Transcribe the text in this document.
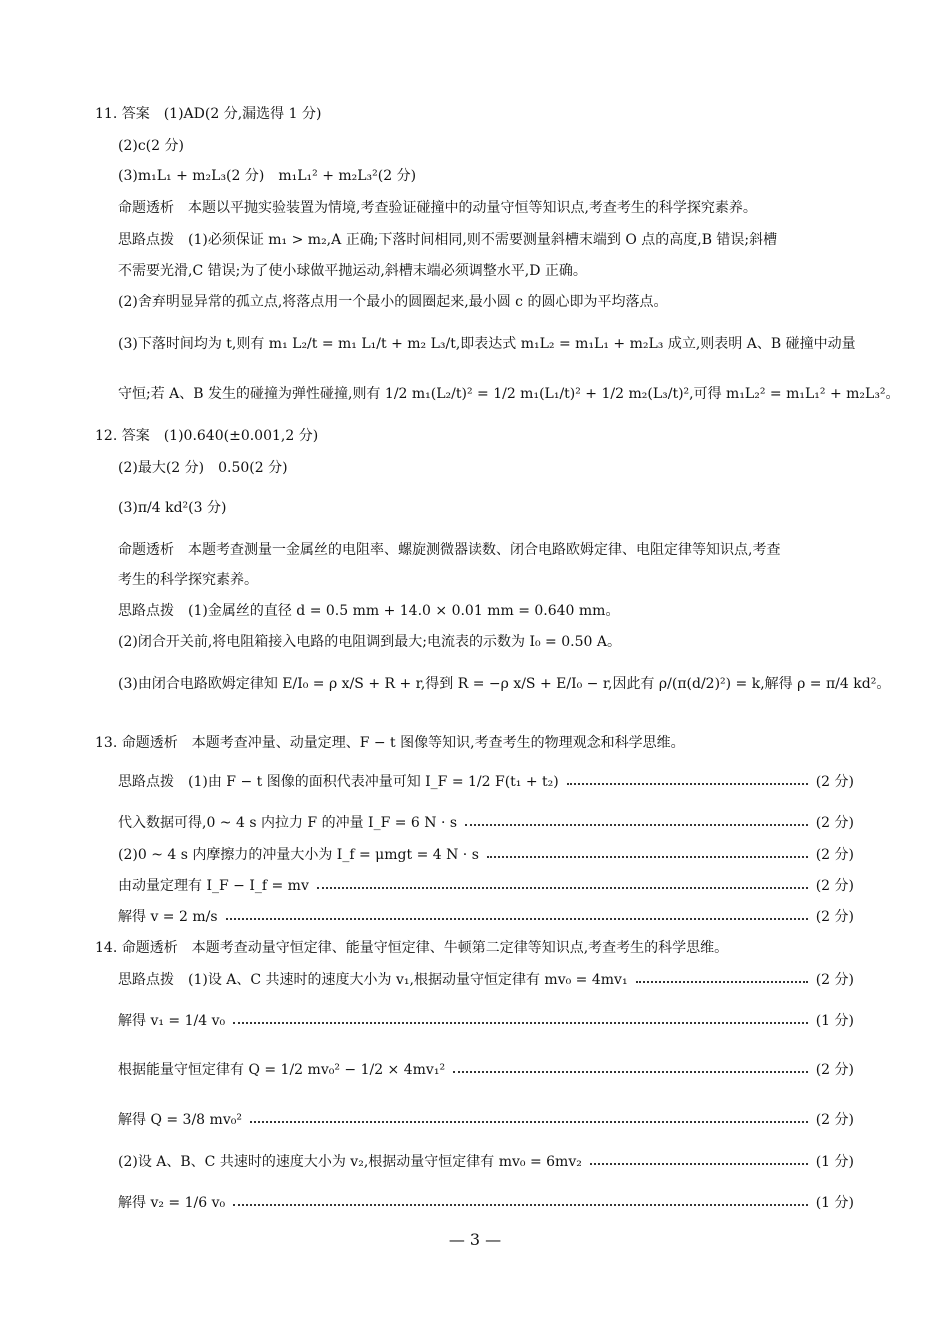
11. 答案　(1)AD(2 分,漏选得 1 分)
(2)c(2 分)
(3)m₁L₁ + m₂L₃(2 分)　m₁L₁² + m₂L₃²(2 分)
命题透析　本题以平抛实验装置为情境,考查验证碰撞中的动量守恒等知识点,考查考生的科学探究素养。
思路点拨　(1)必须保证 m₁ > m₂,A 正确;下落时间相同,则不需要测量斜槽末端到 O 点的高度,B 错误;斜槽
不需要光滑,C 错误;为了使小球做平抛运动,斜槽末端必须调整水平,D 正确。
(2)舍弃明显异常的孤立点,将落点用一个最小的圆圈起来,最小圆 c 的圆心即为平均落点。
(3)下落时间均为 t,则有 m₁ L₂/t = m₁ L₁/t + m₂ L₃/t,即表达式 m₁L₂ = m₁L₁ + m₂L₃ 成立,则表明 A、B 碰撞中动量
守恒;若 A、B 发生的碰撞为弹性碰撞,则有 1/2 m₁(L₂/t)² = 1/2 m₁(L₁/t)² + 1/2 m₂(L₃/t)²,可得 m₁L₂² = m₁L₁² + m₂L₃²。
12. 答案　(1)0.640(±0.001,2 分)
(2)最大(2 分)　0.50(2 分)
(3)π/4 kd²(3 分)
命题透析　本题考查测量一金属丝的电阻率、螺旋测微器读数、闭合电路欧姆定律、电阻定律等知识点,考查
考生的科学探究素养。
思路点拨　(1)金属丝的直径 d = 0.5 mm + 14.0 × 0.01 mm = 0.640 mm。
(2)闭合开关前,将电阻箱接入电路的电阻调到最大;电流表的示数为 I₀ = 0.50 A。
(3)由闭合电路欧姆定律知 E/I₀ = ρ x/S + R + r,得到 R = −ρ x/S + E/I₀ − r,因此有 ρ/(π(d/2)²) = k,解得 ρ = π/4 kd²。
13. 命题透析　本题考查冲量、动量定理、F − t 图像等知识,考查考生的物理观念和科学思维。
思路点拨　(1)由 F − t 图像的面积代表冲量可知 I_F = 1/2 F(t₁ + t₂)	(2 分)
代入数据可得,0 ~ 4 s 内拉力 F 的冲量 I_F = 6 N · s	(2 分)
(2)0 ~ 4 s 内摩擦力的冲量大小为 I_f = μmgt = 4 N · s	(2 分)
由动量定理有 I_F − I_f = mv	(2 分)
解得 v = 2 m/s	(2 分)
14. 命题透析　本题考查动量守恒定律、能量守恒定律、牛顿第二定律等知识点,考查考生的科学思维。
思路点拨　(1)设 A、C 共速时的速度大小为 v₁,根据动量守恒定律有 mv₀ = 4mv₁	(2 分)
解得 v₁ = 1/4 v₀	(1 分)
根据能量守恒定律有 Q = 1/2 mv₀² − 1/2 × 4mv₁²	(2 分)
解得 Q = 3/8 mv₀²	(2 分)
(2)设 A、B、C 共速时的速度大小为 v₂,根据动量守恒定律有 mv₀ = 6mv₂	(1 分)
解得 v₂ = 1/6 v₀	(1 分)
— 3 —
